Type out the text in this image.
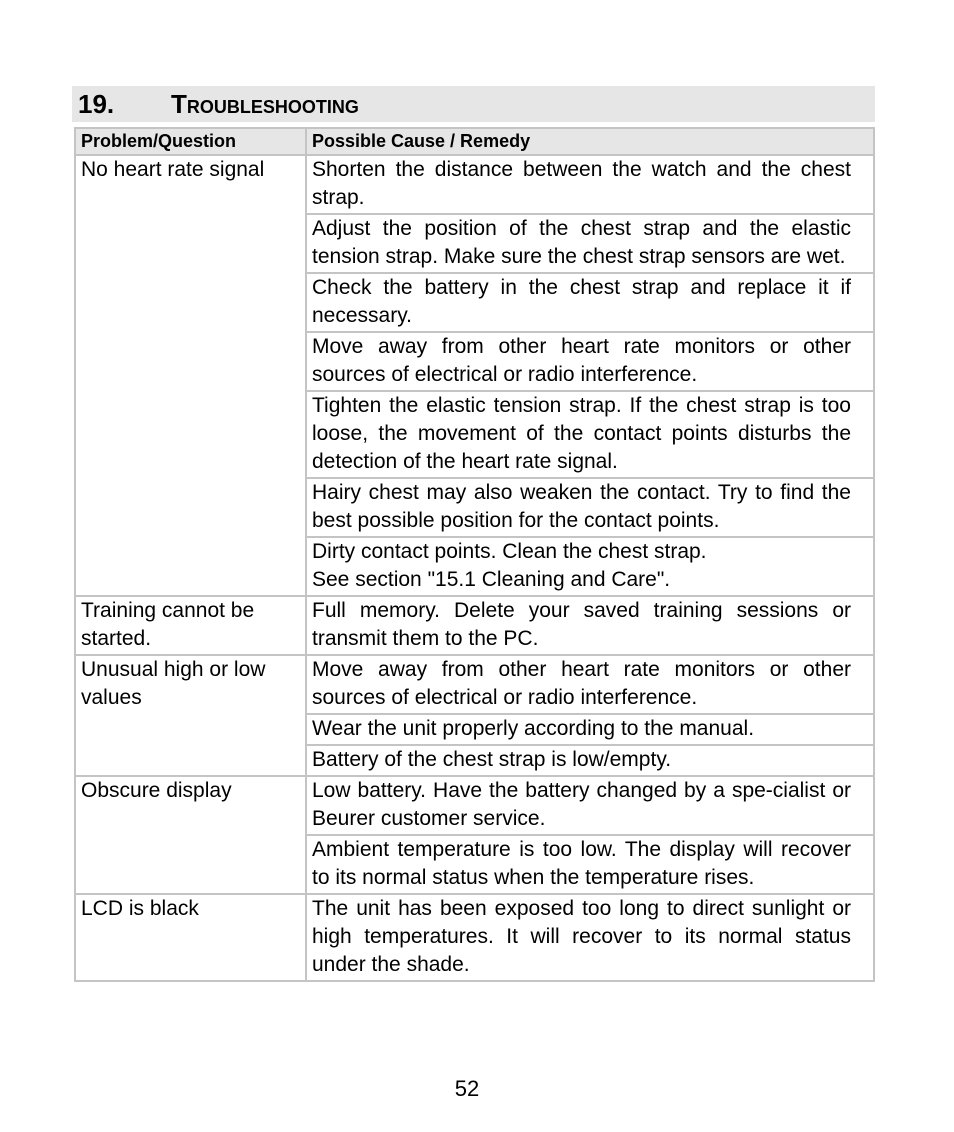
19. Troubleshooting
Problem/Question	Possible Cause / Remedy
No heart rate signal	Shorten the distance between the watch and the chest strap.
	Adjust the position of the chest strap and the elastic tension strap. Make sure the chest strap sensors are wet.
	Check the battery in the chest strap and replace it if necessary.
	Move away from other heart rate monitors or other sources of electrical or radio interference.
	Tighten the elastic tension strap. If the chest strap is too loose, the movement of the contact points disturbs the detection of the heart rate signal.
	Hairy chest may also weaken the contact. Try to find the best possible position for the contact points.
	Dirty contact points. Clean the chest strap.
See section "15.1 Cleaning and Care".
Training cannot be started.	Full memory. Delete your saved training sessions or transmit them to the PC.
Unusual high or low values	Move away from other heart rate monitors or other sources of electrical or radio interference.
	Wear the unit properly according to the manual.
	Battery of the chest strap is low/empty.
Obscure display	Low battery. Have the battery changed by a spe-cialist or Beurer customer service.
	Ambient temperature is too low. The display will recover to its normal status when the temperature rises.
LCD is black	The unit has been exposed too long to direct sunlight or high temperatures. It will recover to its normal status under the shade.
52
